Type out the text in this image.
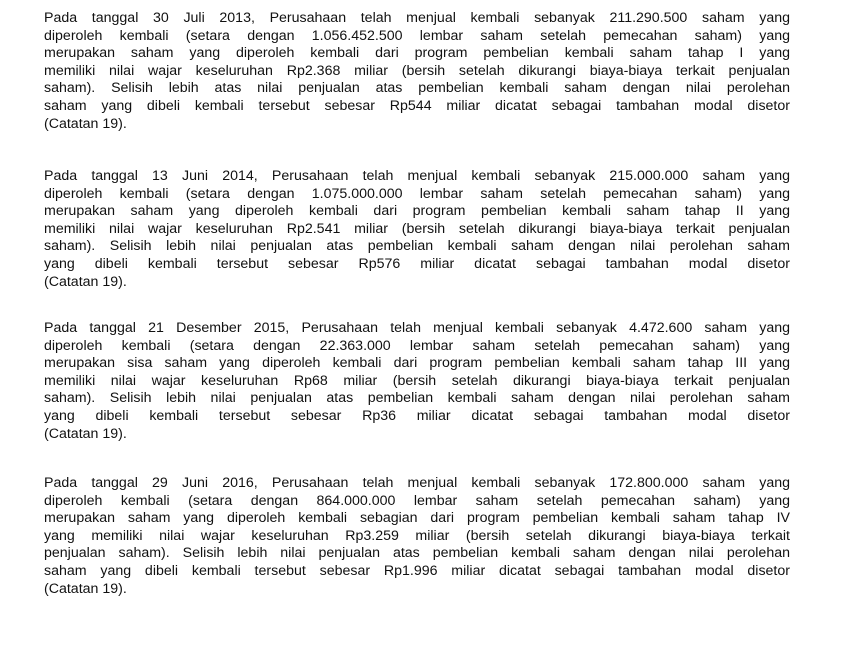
Pada tanggal 30 Juli 2013, Perusahaan telah menjual kembali sebanyak 211.290.500 saham yang
diperoleh kembali (setara dengan 1.056.452.500 lembar saham setelah pemecahan saham) yang
merupakan saham yang diperoleh kembali dari program pembelian kembali saham tahap I yang
memiliki nilai wajar keseluruhan Rp2.368 miliar (bersih setelah dikurangi biaya-biaya terkait penjualan
saham). Selisih lebih atas nilai penjualan atas pembelian kembali saham dengan nilai perolehan
saham yang dibeli kembali tersebut sebesar Rp544 miliar dicatat sebagai tambahan modal disetor
(Catatan 19).

Pada tanggal 13 Juni 2014, Perusahaan telah menjual kembali sebanyak 215.000.000 saham yang
diperoleh kembali (setara dengan 1.075.000.000 lembar saham setelah pemecahan saham) yang
merupakan saham yang diperoleh kembali dari program pembelian kembali saham tahap II yang
memiliki nilai wajar keseluruhan Rp2.541 miliar (bersih setelah dikurangi biaya-biaya terkait penjualan
saham). Selisih lebih nilai penjualan atas pembelian kembali saham dengan nilai perolehan saham
yang dibeli kembali tersebut sebesar Rp576 miliar dicatat sebagai tambahan modal disetor
(Catatan 19).

Pada tanggal 21 Desember 2015, Perusahaan telah menjual kembali sebanyak 4.472.600 saham yang
diperoleh kembali (setara dengan 22.363.000 lembar saham setelah pemecahan saham) yang
merupakan sisa saham yang diperoleh kembali dari program pembelian kembali saham tahap III yang
memiliki nilai wajar keseluruhan Rp68 miliar (bersih setelah dikurangi biaya-biaya terkait penjualan
saham). Selisih lebih nilai penjualan atas pembelian kembali saham dengan nilai perolehan saham
yang dibeli kembali tersebut sebesar Rp36 miliar dicatat sebagai tambahan modal disetor
(Catatan 19).

Pada tanggal 29 Juni 2016, Perusahaan telah menjual kembali sebanyak 172.800.000 saham yang
diperoleh kembali (setara dengan 864.000.000 lembar saham setelah pemecahan saham) yang
merupakan saham yang diperoleh kembali sebagian dari program pembelian kembali saham tahap IV
yang memiliki nilai wajar keseluruhan Rp3.259 miliar (bersih setelah dikurangi biaya-biaya terkait
penjualan saham). Selisih lebih nilai penjualan atas pembelian kembali saham dengan nilai perolehan
saham yang dibeli kembali tersebut sebesar Rp1.996 miliar dicatat sebagai tambahan modal disetor
(Catatan 19).
